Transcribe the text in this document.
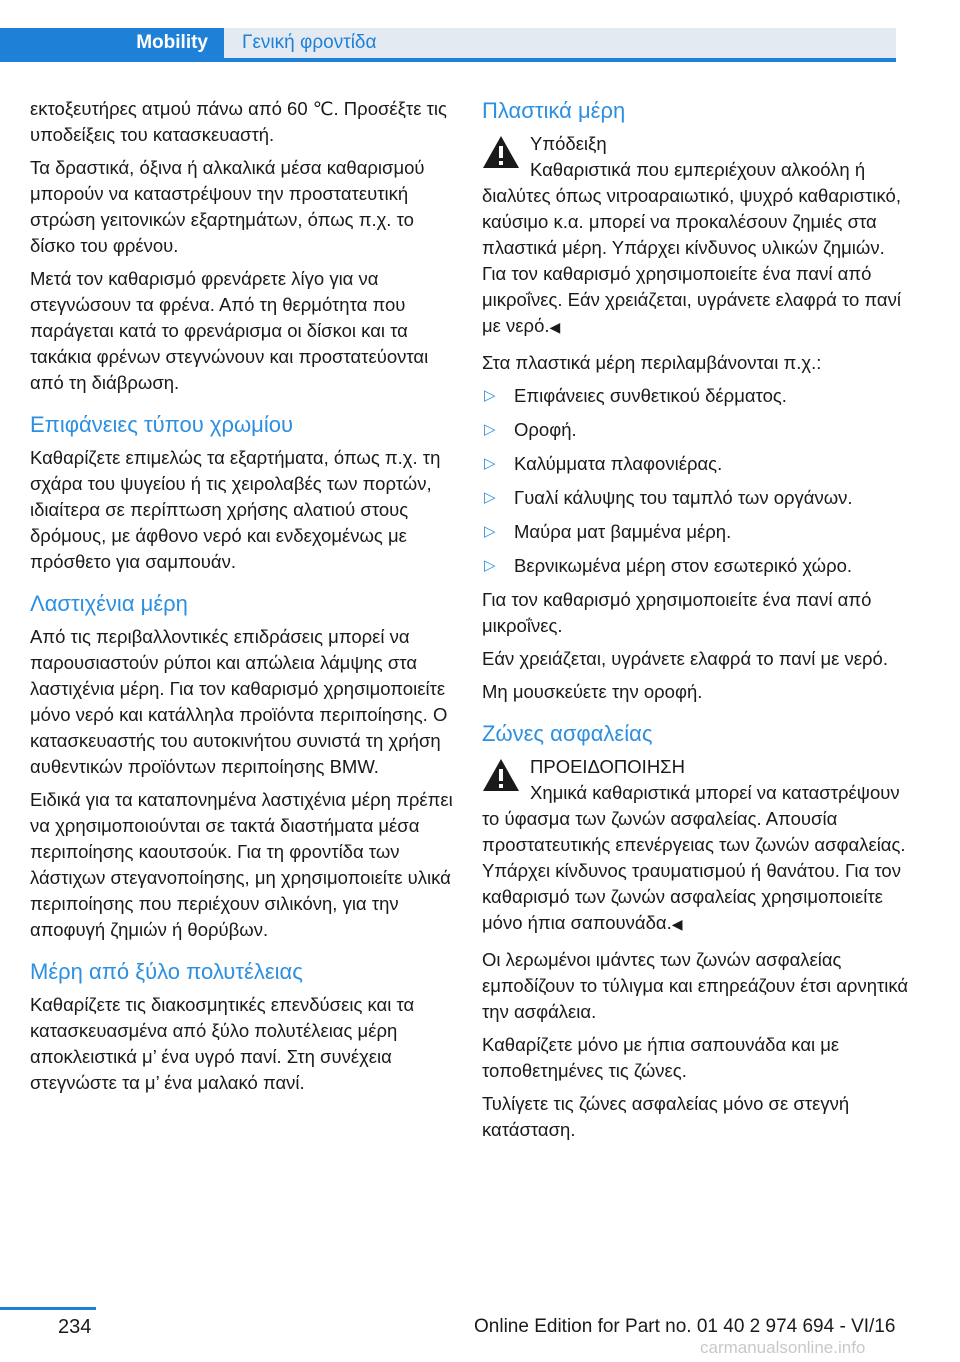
Mobility	Γενική φροντίδα

εκτοξευτήρες ατμού πάνω από 60 ℃. Προσέξτε τις υποδείξεις του κατασκευαστή.

Τα δραστικά, όξινα ή αλκαλικά μέσα καθαρισμού μπορούν να καταστρέψουν την προστατευτική στρώση γειτονικών εξαρτημάτων, όπως π.χ. το δίσκο του φρένου.

Μετά τον καθαρισμό φρενάρετε λίγο για να στεγνώσουν τα φρένα. Από τη θερμότητα που παράγεται κατά το φρενάρισμα οι δίσκοι και τα τακάκια φρένων στεγνώνουν και προστατεύονται από τη διάβρωση.

Επιφάνειες τύπου χρωμίου

Καθαρίζετε επιμελώς τα εξαρτήματα, όπως π.χ. τη σχάρα του ψυγείου ή τις χειρολαβές των πορτών, ιδιαίτερα σε περίπτωση χρήσης αλατιού στους δρόμους, με άφθονο νερό και ενδεχομένως με πρόσθετο για σαμπουάν.

Λαστιχένια μέρη

Από τις περιβαλλοντικές επιδράσεις μπορεί να παρουσιαστούν ρύποι και απώλεια λάμψης στα λαστιχένια μέρη. Για τον καθαρισμό χρησιμοποιείτε μόνο νερό και κατάλληλα προϊόντα περιποίησης. Ο κατασκευαστής του αυτοκινήτου συνιστά τη χρήση αυθεντικών προϊόντων περιποίησης BMW.

Ειδικά για τα καταπονημένα λαστιχένια μέρη πρέπει να χρησιμοποιούνται σε τακτά διαστήματα μέσα περιποίησης καουτσούκ. Για τη φροντίδα των λάστιχων στεγανοποίησης, μη χρησιμοποιείτε υλικά περιποίησης που περιέχουν σιλικόνη, για την αποφυγή ζημιών ή θορύβων.

Μέρη από ξύλο πολυτέλειας

Καθαρίζετε τις διακοσμητικές επενδύσεις και τα κατασκευασμένα από ξύλο πολυτέλειας μέρη αποκλειστικά μ’ ένα υγρό πανί. Στη συνέχεια στεγνώστε τα μ’ ένα μαλακό πανί.

Πλαστικά μέρη
Υπόδειξη
Καθαριστικά που εμπεριέχουν αλκοόλη ή διαλύτες όπως νιτροαραιωτικό, ψυχρό καθαριστικό, καύσιμο κ.α. μπορεί να προκαλέσουν ζημιές στα πλαστικά μέρη. Υπάρχει κίνδυνος υλικών ζημιών. Για τον καθαρισμό χρησιμοποιείτε ένα πανί από μικροΐνες. Εάν χρειάζεται, υγράνετε ελαφρά το πανί με νερό.◀

Στα πλαστικά μέρη περιλαμβάνονται π.χ.:

▷ Επιφάνειες συνθετικού δέρματος.
▷ Οροφή.
▷ Καλύμματα πλαφονιέρας.
▷ Γυαλί κάλυψης του ταμπλό των οργάνων.
▷ Μαύρα ματ βαμμένα μέρη.
▷ Βερνικωμένα μέρη στον εσωτερικό χώρο.

Για τον καθαρισμό χρησιμοποιείτε ένα πανί από μικροΐνες.

Εάν χρειάζεται, υγράνετε ελαφρά το πανί με νερό.

Μη μουσκεύετε την οροφή.

Ζώνες ασφαλείας
ΠΡΟΕΙΔΟΠΟΙΗΣΗ
Χημικά καθαριστικά μπορεί να καταστρέψουν το ύφασμα των ζωνών ασφαλείας. Απουσία προστατευτικής επενέργειας των ζωνών ασφαλείας. Υπάρχει κίνδυνος τραυματισμού ή θανάτου. Για τον καθαρισμό των ζωνών ασφαλείας χρησιμοποιείτε μόνο ήπια σαπουνάδα.◀

Οι λερωμένοι ιμάντες των ζωνών ασφαλείας εμποδίζουν το τύλιγμα και επηρεάζουν έτσι αρνητικά την ασφάλεια.

Καθαρίζετε μόνο με ήπια σαπουνάδα και με τοποθετημένες τις ζώνες.

Τυλίγετε τις ζώνες ασφαλείας μόνο σε στεγνή κατάσταση.

234	Online Edition for Part no. 01 40 2 974 694 - VI/16
carmanualsonline.info
